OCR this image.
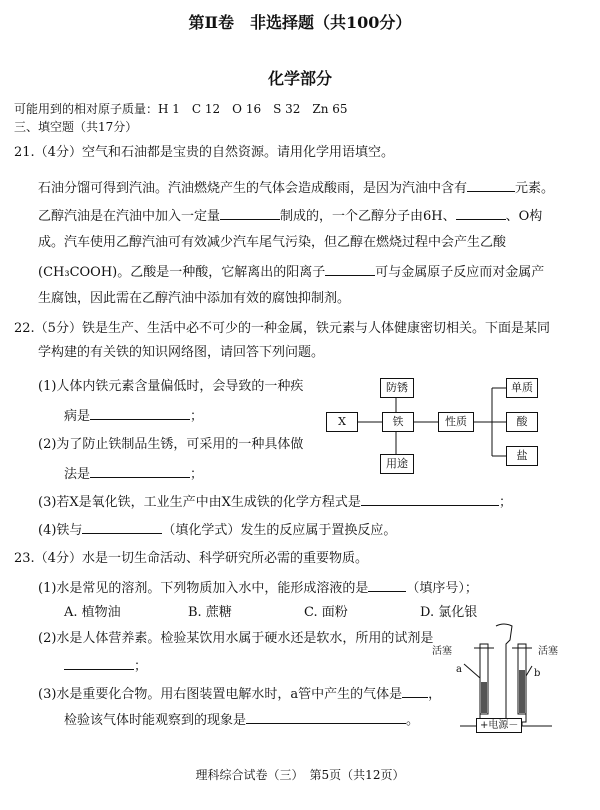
第Ⅱ卷　非选择题（共100分）
化学部分
可能用到的相对原子质量：H 1　C 12　O 16　S 32　Zn 65
三、填空题（共17分）
21.（4分）空气和石油都是宝贵的自然资源。请用化学用语填空。
石油分馏可得到汽油。汽油燃烧产生的气体会造成酸雨，是因为汽油中含有	元素。
乙醇汽油是在汽油中加入一定量	制成的，一个乙醇分子由6H、	、O构
成。汽车使用乙醇汽油可有效减少汽车尾气污染，但乙醇在燃烧过程中会产生乙酸
(CH₃COOH)。乙酸是一种酸，它解离出的阳离子	可与金属原子反应而对金属产
生腐蚀，因此需在乙醇汽油中添加有效的腐蚀抑制剂。
22.（5分）铁是生产、生活中必不可少的一种金属，铁元素与人体健康密切相关。下面是某同
学构建的有关铁的知识网络图，请回答下列问题。
(1)人体内铁元素含量偏低时，会导致的一种疾
病是	；
(2)为了防止铁制品生锈，可采用的一种具体做
法是	；
(3)若X是氧化铁，工业生产中由X生成铁的化学方程式是	；
(4)铁与	（填化学式）发生的反应属于置换反应。
X
防锈
铁
用途
性质
单质
酸
盐
23.（4分）水是一切生命活动、科学研究所必需的重要物质。
(1)水是常见的溶剂。下列物质加入水中，能形成溶液的是	（填序号）；
A. 植物油	B. 蔗糖	C. 面粉	D. 氯化银
(2)水是人体营养素。检验某饮用水属于硬水还是软水，所用的试剂是
；
(3)水是重要化合物。用右图装置电解水时，a管中产生的气体是 ，
检验该气体时能观察到的现象是	。
活塞	活塞
a	b
+电源－
理科综合试卷（三）　第5页（共12页）
